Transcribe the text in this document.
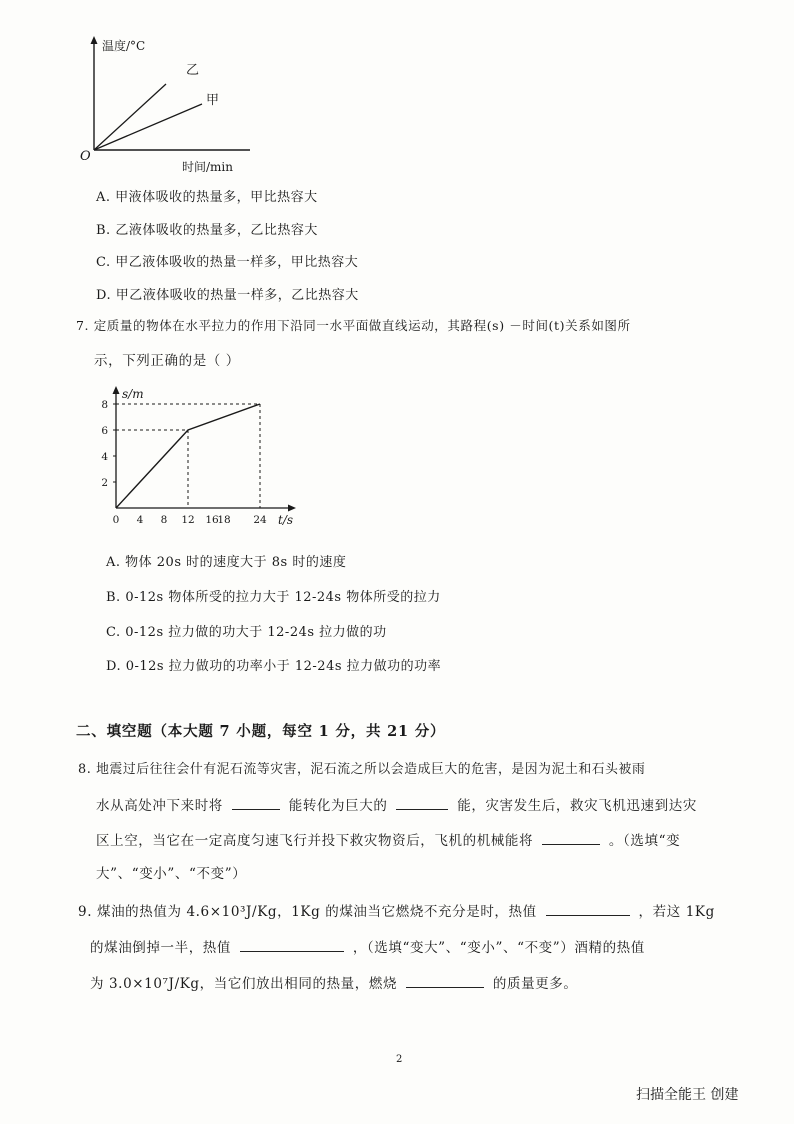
温度/°C
乙
甲
O
时间/min
A. 甲液体吸收的热量多，甲比热容大
B. 乙液体吸收的热量多，乙比热容大
C. 甲乙液体吸收的热量一样多，甲比热容大
D. 甲乙液体吸收的热量一样多，乙比热容大
7. 定质量的物体在水平拉力的作用下沿同一水平面做直线运动，其路程(s) －时间(t)关系如图所
示，下列正确的是（ ）
s/m
t/s
0 4 8 12 16
18 24
2
4
6
8
A. 物体 20s 时的速度大于 8s 时的速度
B. 0-12s 物体所受的拉力大于 12-24s 物体所受的拉力
C. 0-12s 拉力做的功大于 12-24s 拉力做的功
D. 0-12s 拉力做功的功率小于 12-24s 拉力做功的功率
二、填空题（本大题 7 小题，每空 1 分，共 21 分）
8. 地震过后往往会什有泥石流等灾害，泥石流之所以会造成巨大的危害，是因为泥土和石头被雨
水从高处冲下来时将	能转化为巨大的	能，灾害发生后，救灾飞机迅速到达灾
区上空，当它在一定高度匀速飞行并投下救灾物资后，飞机的机械能将	。（选填“变
大”、“变小”、“不变”）
9. 煤油的热值为 4.6×10³J/Kg，1Kg 的煤油当它燃烧不充分是时，热值	，若这 1Kg
的煤油倒掉一半，热值	，（选填“变大”、“变小”、“不变”）酒精的热值
为 3.0×10⁷J/Kg，当它们放出相同的热量，燃烧	的质量更多。
2
扫描全能王 创建
